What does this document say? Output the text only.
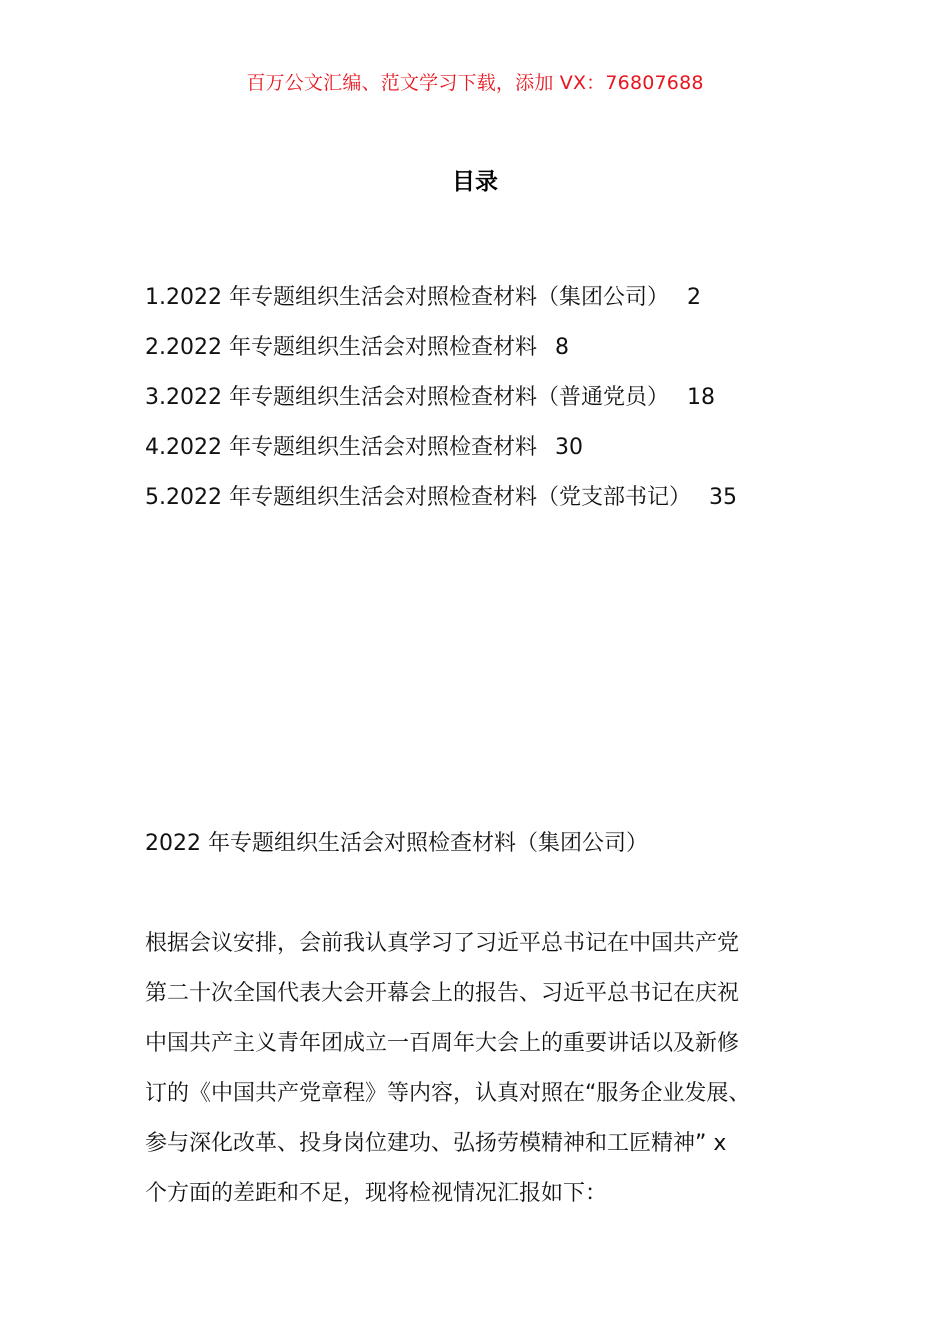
百万公文汇编、范文学习下载，添加 VX：76807688
目录
1.2022 年专题组织生活会对照检查材料（集团公司） 2
2.2022 年专题组织生活会对照检查材料 8
3.2022 年专题组织生活会对照检查材料（普通党员） 18
4.2022 年专题组织生活会对照检查材料 30
5.2022 年专题组织生活会对照检查材料（党支部书记） 35
2022 年专题组织生活会对照检查材料（集团公司）
根据会议安排，会前我认真学习了习近平总书记在中国共产党
第二十次全国代表大会开幕会上的报告、习近平总书记在庆祝
中国共产主义青年团成立一百周年大会上的重要讲话以及新修
订的《中国共产党章程》等内容，认真对照在“服务企业发展、
参与深化改革、投身岗位建功、弘扬劳模精神和工匠精神” x
个方面的差距和不足，现将检视情况汇报如下：
